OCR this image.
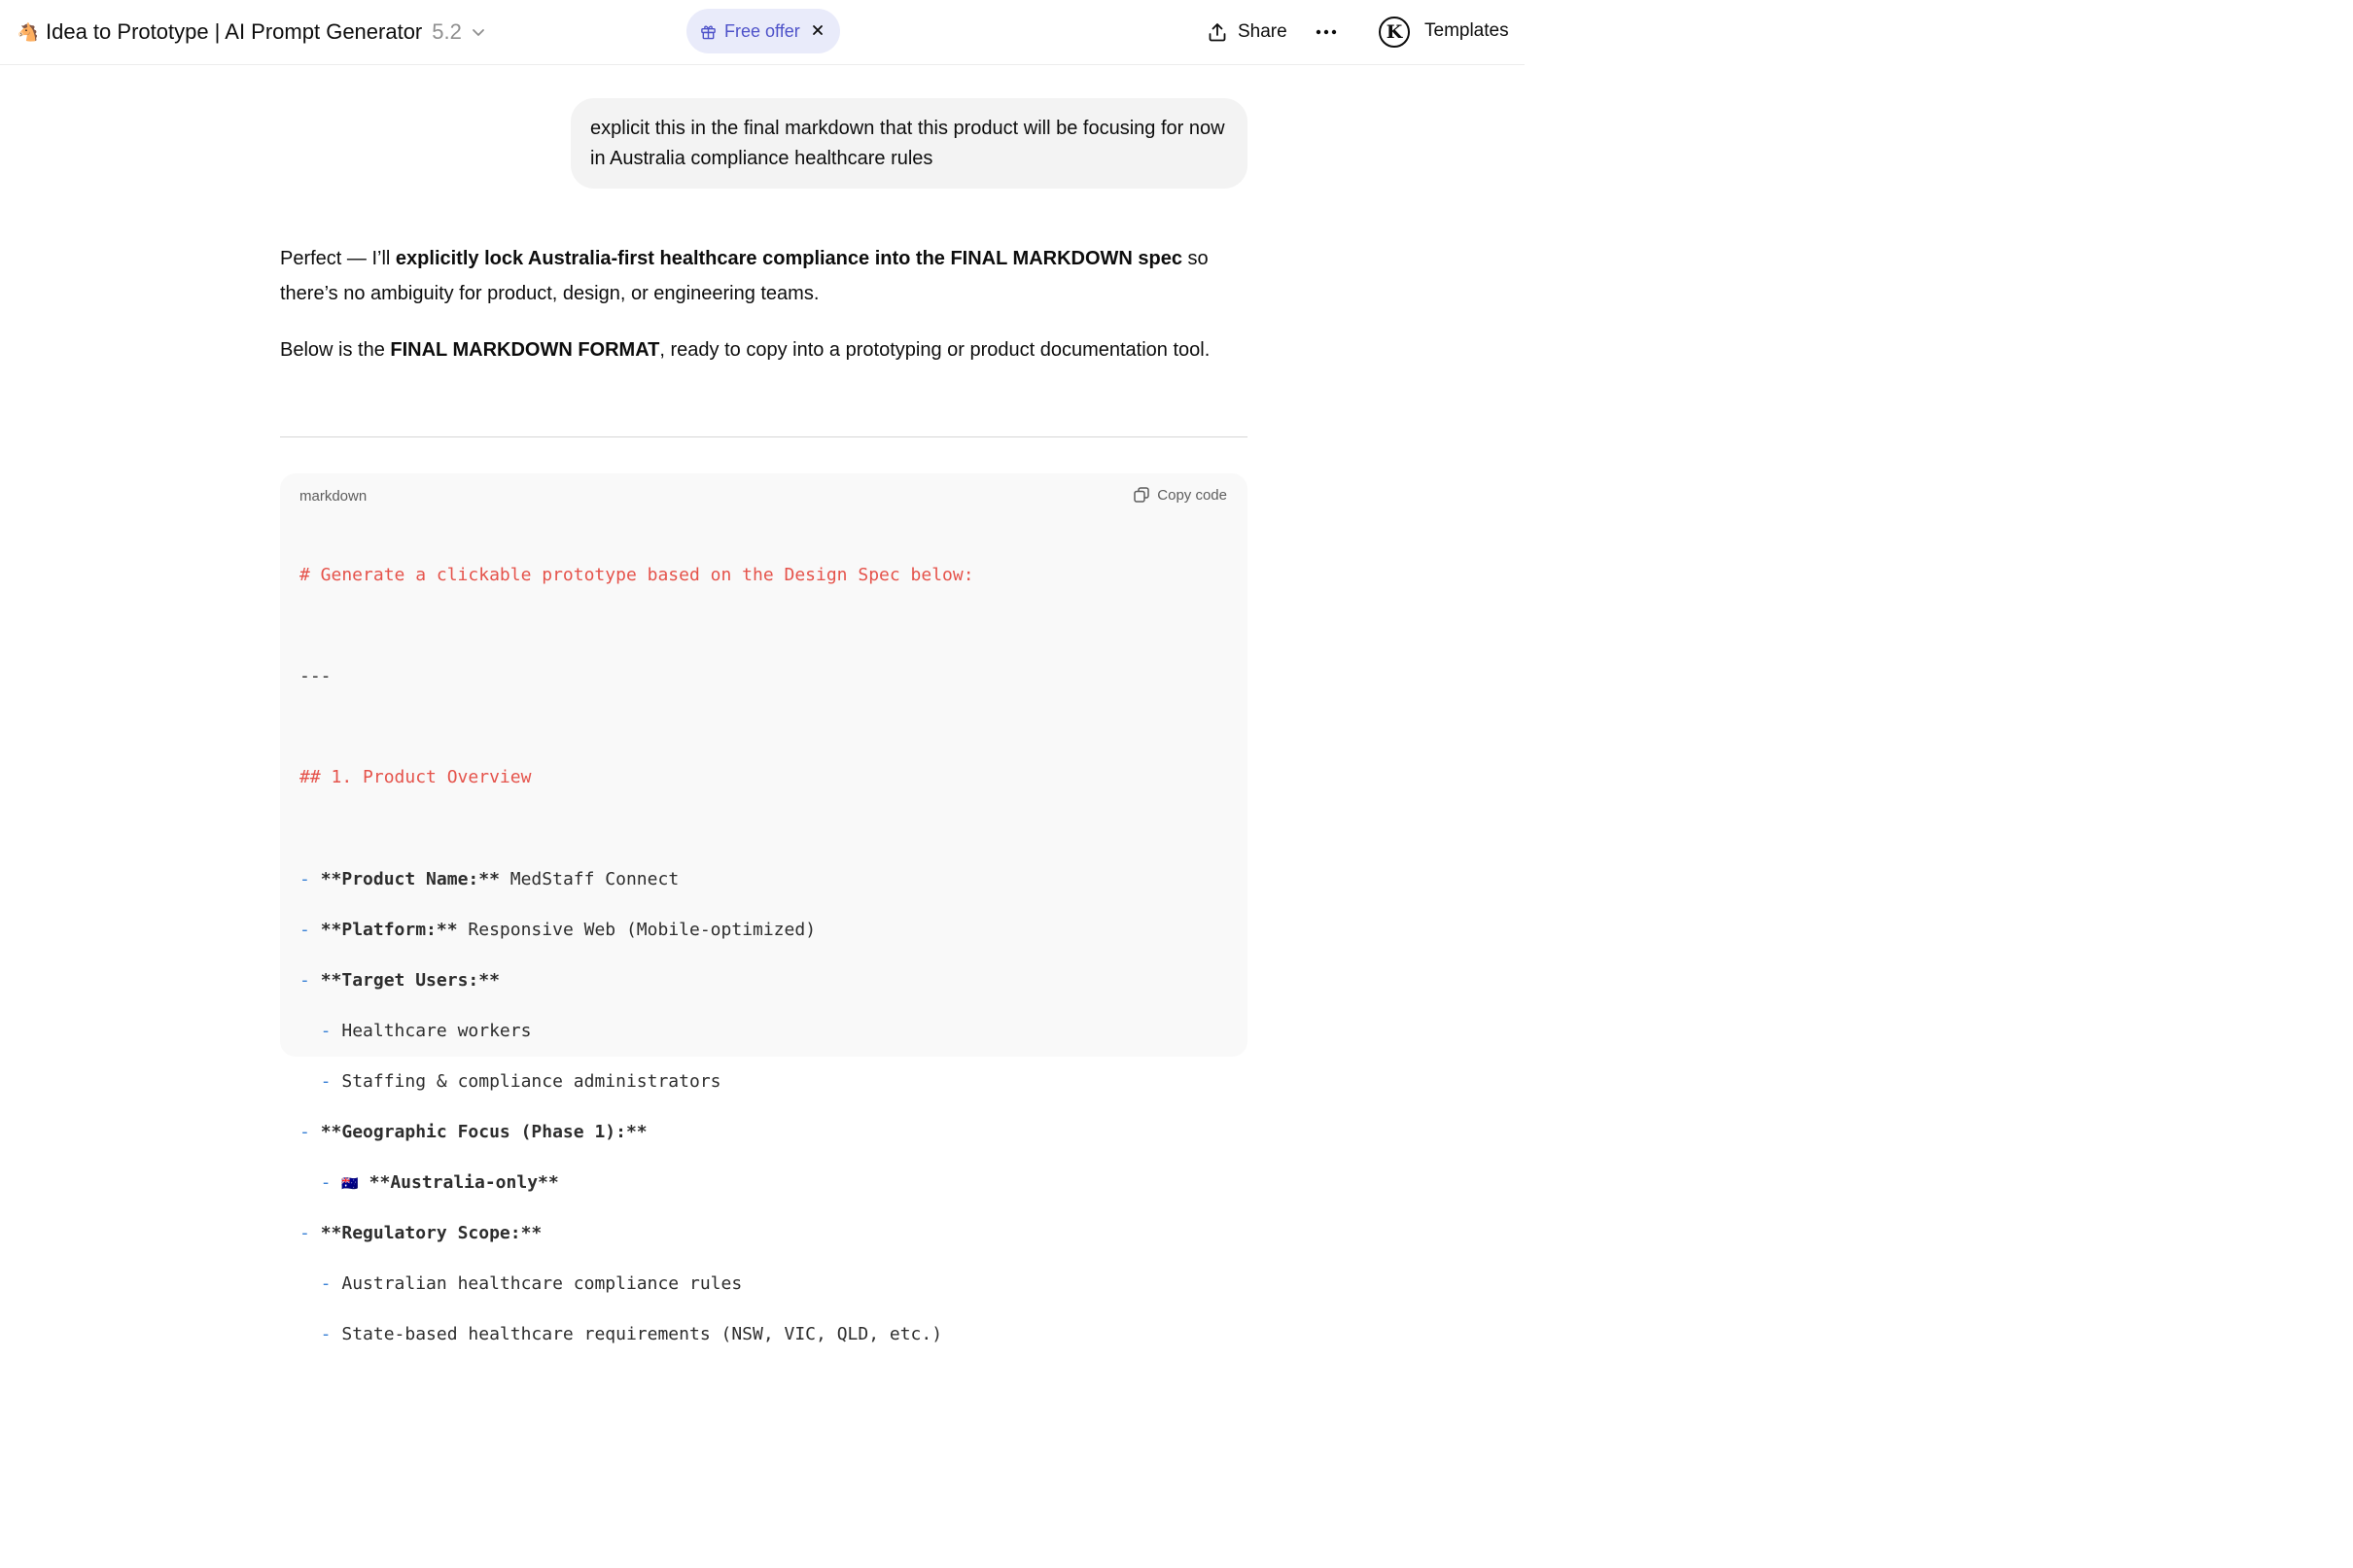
🐴 Idea to Prototype | AI Prompt Generator 5.2	Free offer	Share	K	Templates
explicit this in the final markdown that this product will be focusing for now in Australia compliance healthcare rules

Perfect — I’ll explicitly lock Australia-first healthcare compliance into the FINAL MARKDOWN spec so there’s no ambiguity for product, design, or engineering teams.

Below is the FINAL MARKDOWN FORMAT, ready to copy into a prototyping or product documentation tool.

markdown	Copy code

# Generate a clickable prototype based on the Design Spec below:

---

## 1. Product Overview

- **Product Name:** MedStaff Connect

- **Platform:** Responsive Web (Mobile-optimized)

- **Target Users:**

- Healthcare workers

- Staffing & compliance administrators

- **Geographic Focus (Phase 1):**

- 🇦🇺 **Australia-only**

- **Regulatory Scope:**

- Australian healthcare compliance rules

- State-based healthcare requirements (NSW, VIC, QLD, etc.)
